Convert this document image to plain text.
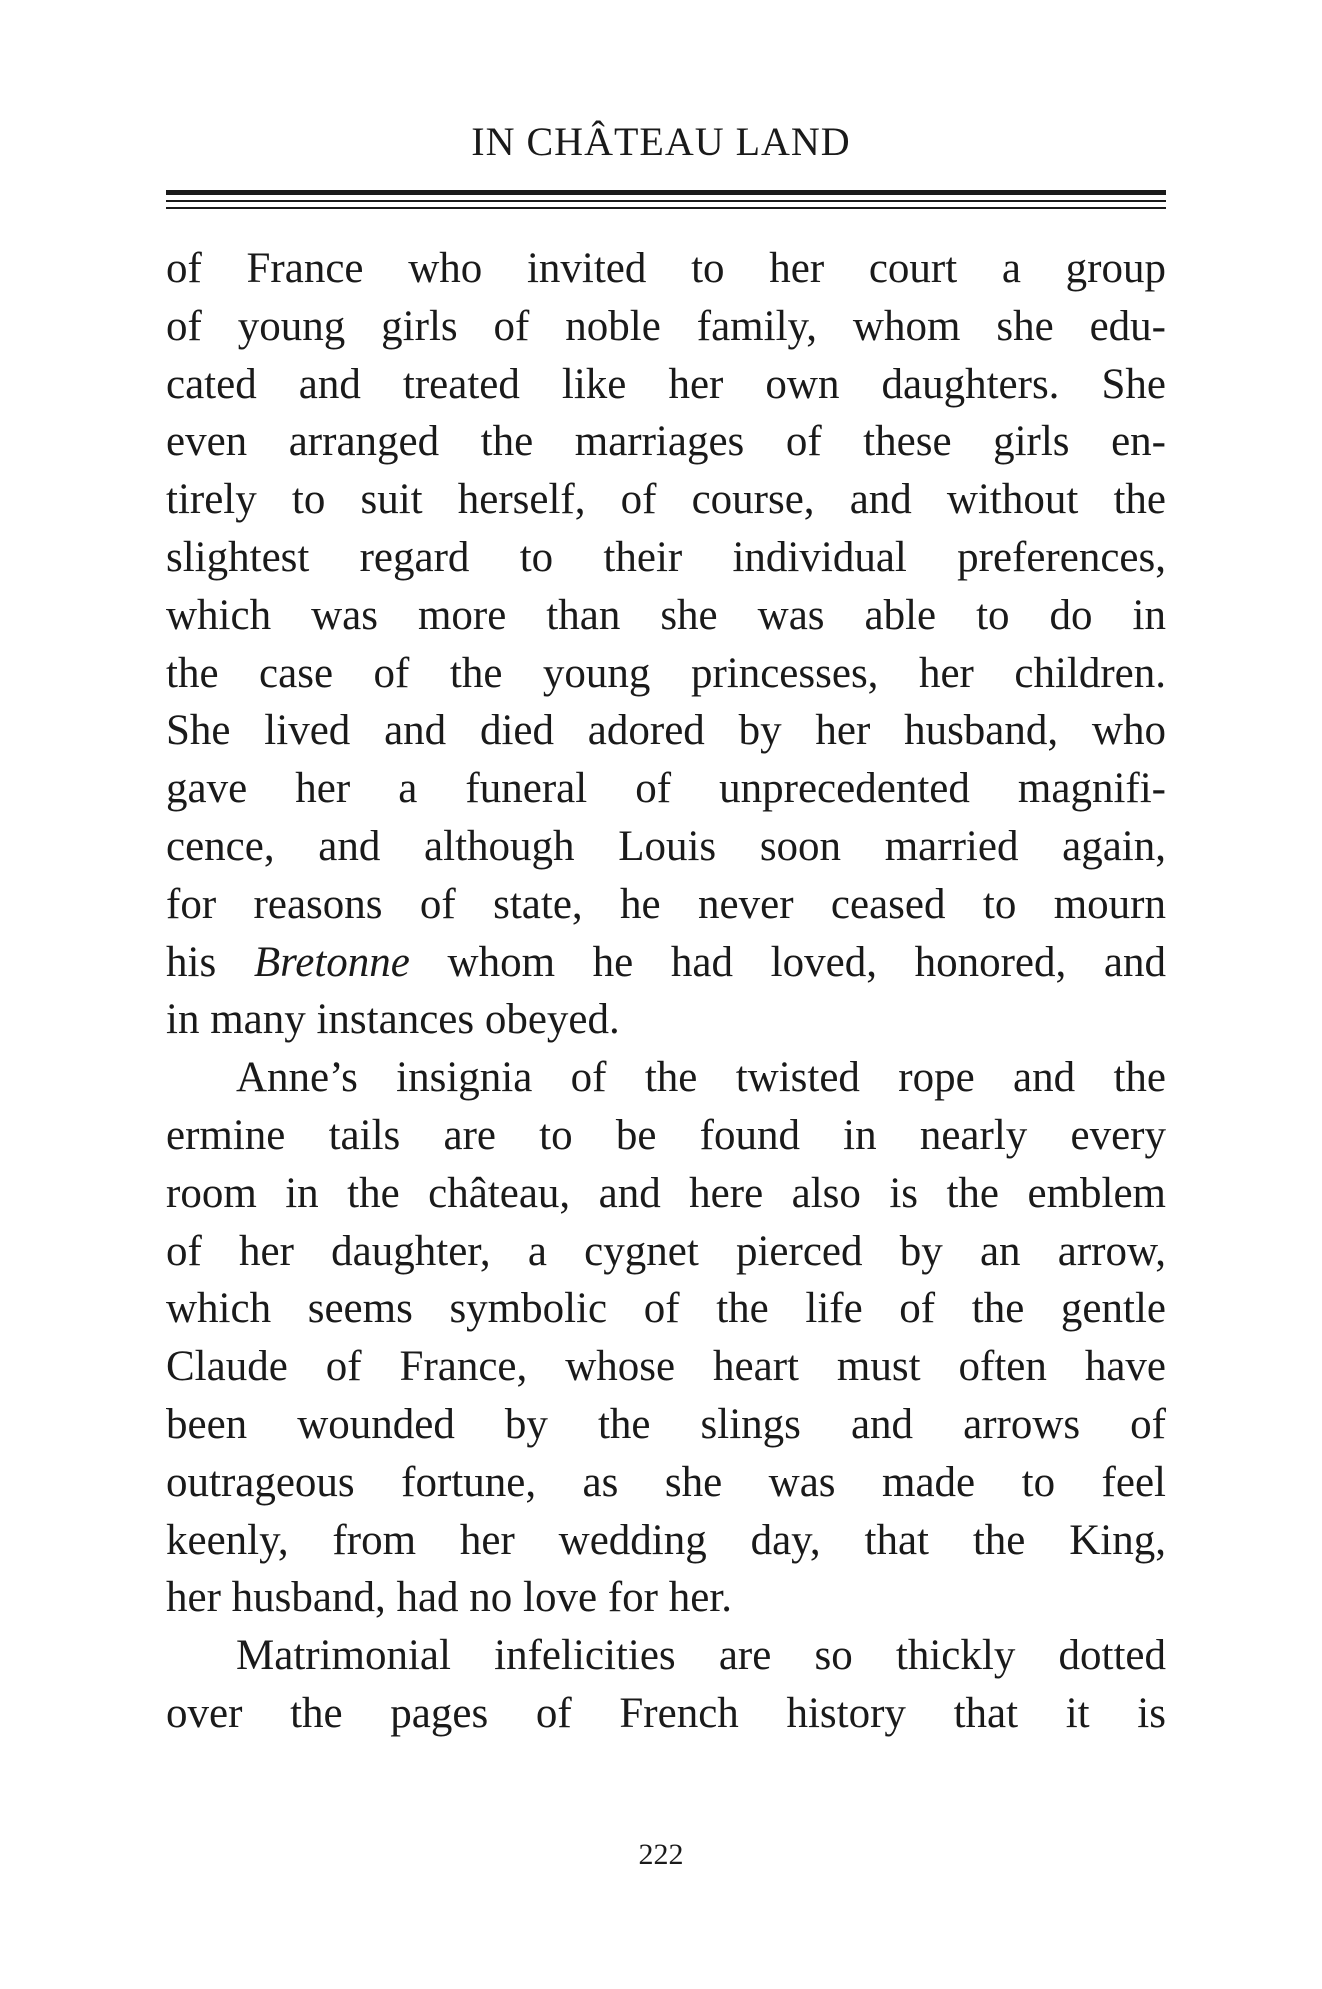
IN CHÂTEAU LAND
of France who invited to her court a group
of young girls of noble family, whom she edu-
cated and treated like her own daughters. She
even arranged the marriages of these girls en-
tirely to suit herself, of course, and without the
slightest regard to their individual preferences,
which was more than she was able to do in
the case of the young princesses, her children.
She lived and died adored by her husband, who
gave her a funeral of unprecedented magnifi-
cence, and although Louis soon married again,
for reasons of state, he never ceased to mourn
his Bretonne whom he had loved, honored, and
in many instances obeyed.
Anne’s insignia of the twisted rope and the
ermine tails are to be found in nearly every
room in the château, and here also is the emblem
of her daughter, a cygnet pierced by an arrow,
which seems symbolic of the life of the gentle
Claude of France, whose heart must often have
been wounded by the slings and arrows of
outrageous fortune, as she was made to feel
keenly, from her wedding day, that the King,
her husband, had no love for her.
Matrimonial infelicities are so thickly dotted
over the pages of French history that it is
222
